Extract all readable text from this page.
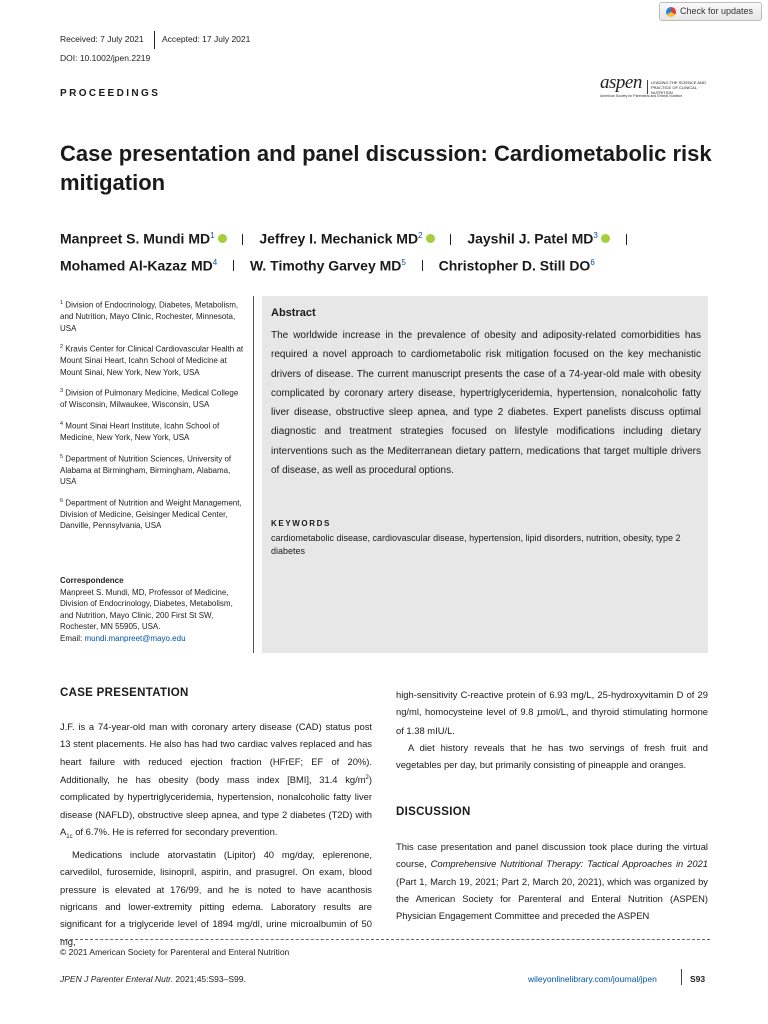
Check for updates
Received: 7 July 2021 Accepted: 17 July 2021
DOI: 10.1002/jpen.2219
PROCEEDINGS
aspen LEADING THE SCIENCE AND PRACTICE OF CLINICAL NUTRITION
American Society for Parenteral and Enteral Nutrition
Case presentation and panel discussion: Cardiometabolic risk
mitigation
Manpreet S. Mundi $MD^1$	Jeffrey I. Mechanick $MD^2$	Jayshil J. Patel $MD^3$
Mohamed Al-Kazaz $MD^4$ W. Timothy Garvey $MD^5$ Christopher D. Still $DO^6$

$^1$ Division of Endocrinology, Diabetes, Metabolism, and Nutrition, Mayo Clinic, Rochester, Minnesota, USA

$^2$ Kravis Center for Clinical Cardiovascular Health at Mount Sinai Heart, Icahn School of Medicine at Mount Sinai, New York, New York, USA

$^3$ Division of Pulmonary Medicine, Medical College of Wisconsin, Milwaukee, Wisconsin, USA

$^4$ Mount Sinai Heart Institute, Icahn School of Medicine, New York, New York, USA

$^5$ Department of Nutrition Sciences, University of Alabama at Birmingham, Birmingham, Alabama, USA

$^6$ Department of Nutrition and Weight Management, Division of Medicine, Geisinger Medical Center, Danville, Pennsylvania, USA

Correspondence
Manpreet S. Mundi, MD, Professor of Medicine, Division of Endocrinology, Diabetes, Metabolism, and Nutrition, Mayo Clinic, 200 First St SW, Rochester, MN 55905, USA.
Email: mundi.manpreet@mayo.edu
Abstract
The worldwide increase in the prevalence of obesity and adiposity-related comorbidities has required a novel approach to cardiometabolic risk mitigation focused on the key mechanistic drivers of disease. The current manuscript presents the case of a 74-year-old male with obesity complicated by coronary artery disease, hypertriglyceridemia, hypertension, nonalcoholic fatty liver disease, obstructive sleep apnea, and type 2 diabetes. Expert panelists discuss optimal diagnostic and treatment strategies focused on lifestyle modifications including dietary interventions such as the Mediterranean dietary pattern, medications that target multiple drivers of disease, as well as procedural options.
KEYWORDS
cardiometabolic disease, cardiovascular disease, hypertension, lipid disorders, nutrition, obesity, type 2 diabetes
CASE PRESENTATION

J.F. is a 74-year-old man with coronary artery disease (CAD) status post 13 stent placements. He also has had two cardiac valves replaced and has heart failure with reduced ejection fraction (HFrEF; EF of 20%). Additionally, he has obesity (body mass index [BMI], 31.4 $kg/m^2$) complicated by hypertriglyceridemia, hypertension, nonalcoholic fatty liver disease (NAFLD), obstructive sleep apnea, and type 2 diabetes (T2D) with $A_{1c}$ of 6.7%. He is referred for secondary prevention.

Medications include atorvastatin (Lipitor) 40 mg/day, eplerenone, carvedilol, furosemide, lisinopril, aspirin, and prasugrel. On exam, blood pressure is elevated at 176/99, and he is noted to have acanthosis nigricans and lower-extremity pitting edema. Laboratory results are significant for a triglyceride level of 1894 mg/dl, urine microalbumin of 50 mg,

high-sensitivity C-reactive protein of 6.93 mg/L, 25-hydroxyvitamin D of 29 ng/ml, homocysteine level of 9.8 μmol/L, and thyroid stimulating hormone of 1.38 mIU/L.

A diet history reveals that he has two servings of fresh fruit and vegetables per day, but primarily consisting of pineapple and oranges.

DISCUSSION

This case presentation and panel discussion took place during the virtual course, Comprehensive Nutritional Therapy: Tactical Approaches in 2021 (Part 1, March 19, 2021; Part 2, March 20, 2021), which was organized by the American Society for Parenteral and Enteral Nutrition (ASPEN) Physician Engagement Committee and preceded the ASPEN

© 2021 American Society for Parenteral and Enteral Nutrition
JPEN J Parenter Enteral Nutr. 2021;45:S93–S99.	wileyonlinelibrary.com/journal/jpen	S93
